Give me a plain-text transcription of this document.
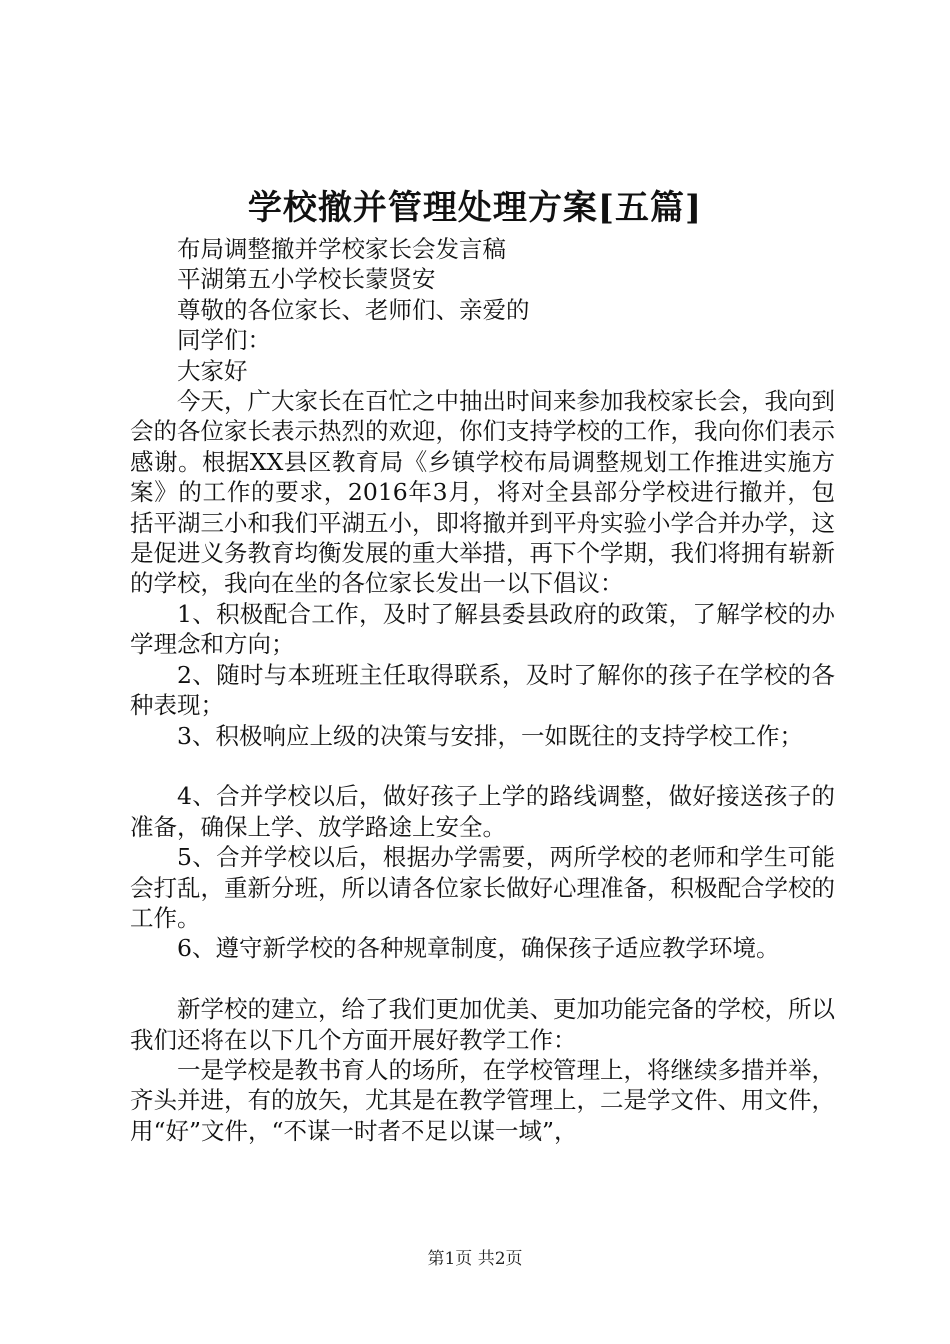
学校撤并管理处理方案[五篇]

布局调整撤并学校家长会发言稿

平湖第五小学校长蒙贤安

尊敬的各位家长、老师们、亲爱的

同学们：

大家好

今天，广大家长在百忙之中抽出时间来参加我校家长会，我向到会的各位家长表示热烈的欢迎，你们支持学校的工作，我向你们表示感谢。根据XX县区教育局《乡镇学校布局调整规划工作推进实施方案》的工作的要求，2016年3月，将对全县部分学校进行撤并，包括平湖三小和我们平湖五小，即将撤并到平舟实验小学合并办学，这是促进义务教育均衡发展的重大举措，再下个学期，我们将拥有崭新的学校，我向在坐的各位家长发出一以下倡议：

1、积极配合工作，及时了解县委县政府的政策，了解学校的办学理念和方向；

2、随时与本班班主任取得联系，及时了解你的孩子在学校的各种表现；

3、积极响应上级的决策与安排，一如既往的支持学校工作；

4、合并学校以后，做好孩子上学的路线调整，做好接送孩子的准备，确保上学、放学路途上安全。

5、合并学校以后，根据办学需要，两所学校的老师和学生可能会打乱，重新分班，所以请各位家长做好心理准备，积极配合学校的工作。

6、遵守新学校的各种规章制度，确保孩子适应教学环境。

新学校的建立，给了我们更加优美、更加功能完备的学校，所以我们还将在以下几个方面开展好教学工作：

一是学校是教书育人的场所，在学校管理上，将继续多措并举，齐头并进，有的放矢，尤其是在教学管理上，二是学文件、用文件，用“好”文件，“不谋一时者不足以谋一域”，

第1页 共2页
